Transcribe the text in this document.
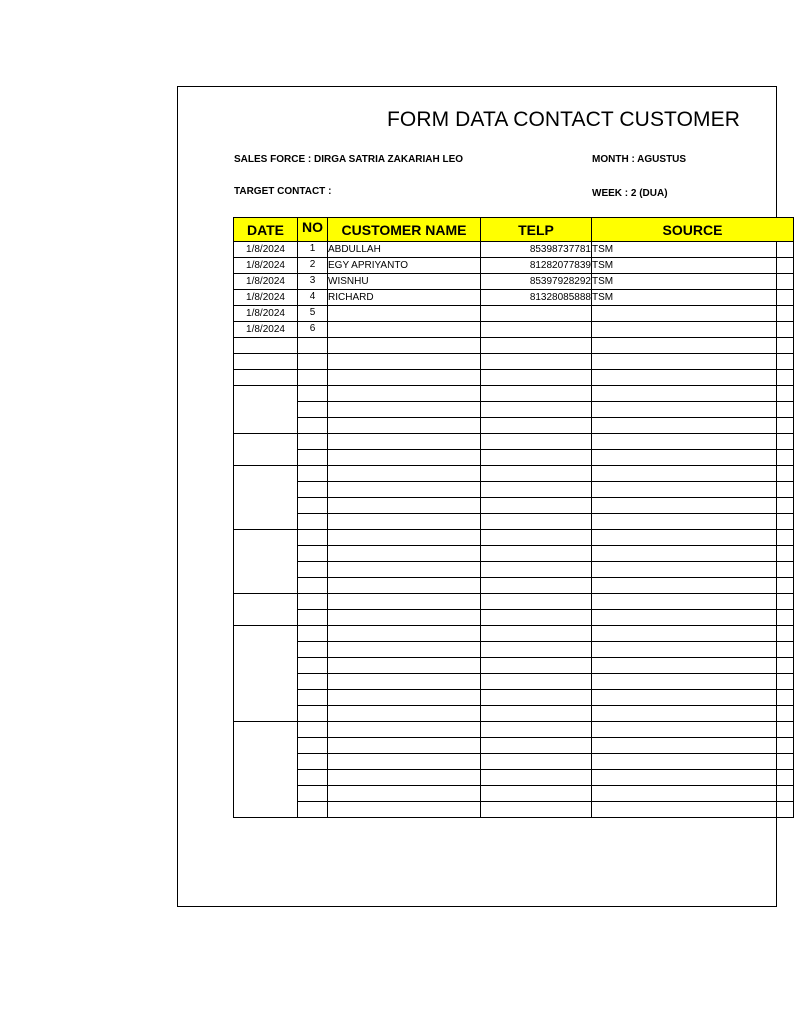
FORM DATA CONTACT CUSTOMER
SALES FORCE : DIRGA SATRIA ZAKARIAH LEO	MONTH : AGUSTUS
TARGET CONTACT :	WEEK : 2 (DUA)
DATE	NO	CUSTOMER NAME	TELP	SOURCE
1/8/2024	1	ABDULLAH	85398737781	TSM
1/8/2024	2	EGY APRIYANTO	81282077839	TSM
1/8/2024	3	WISNHU	85397928292	TSM
1/8/2024	4	RICHARD	81328085888	TSM
1/8/2024	5			
1/8/2024	6			
